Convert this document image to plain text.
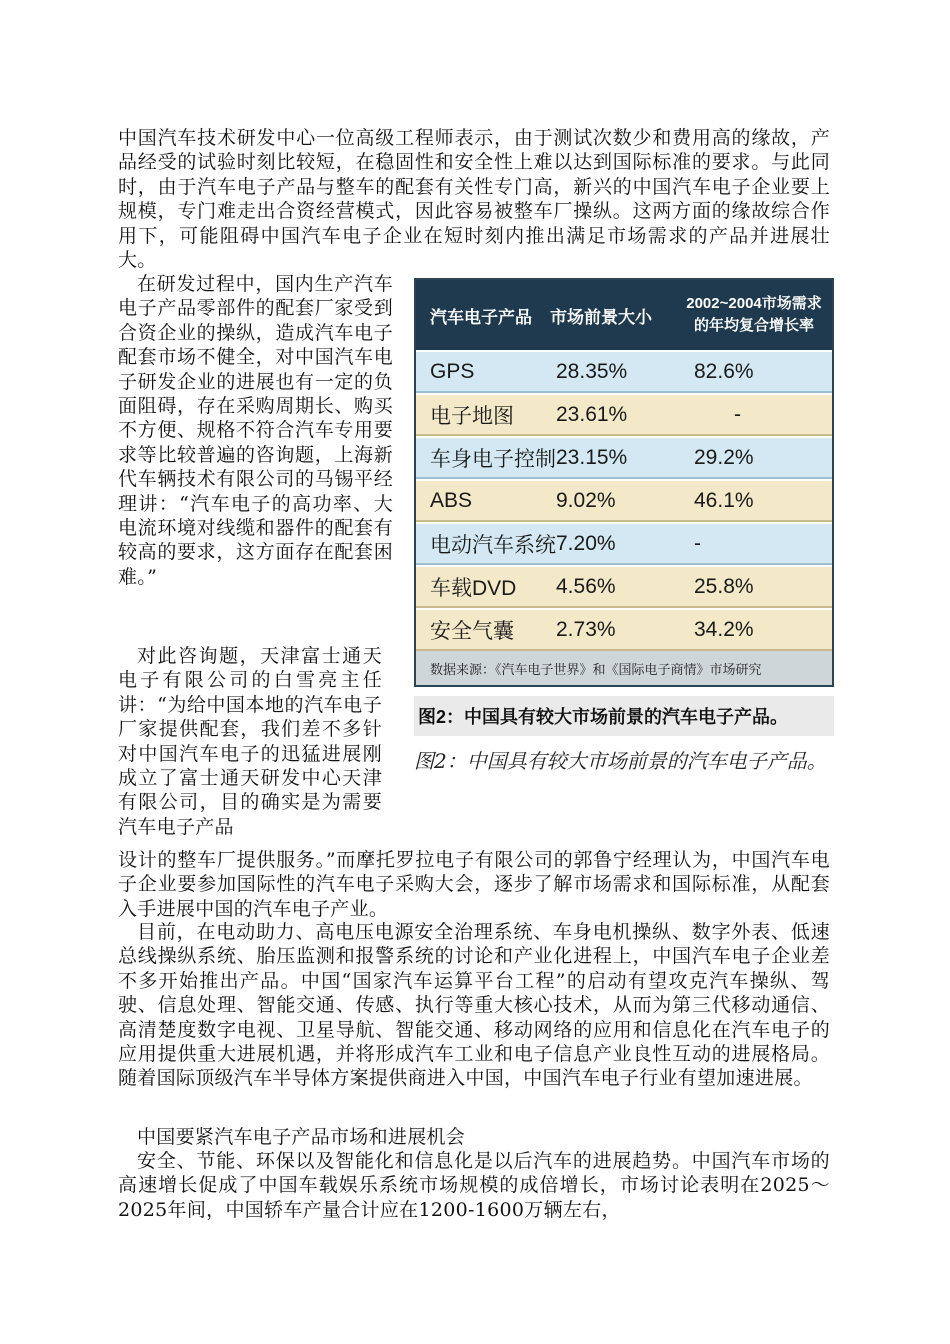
中国汽车技术研发中心一位高级工程师表示，由于测试次数少和费用高的缘故，产品经受的试验时刻比较短，在稳固性和安全性上难以达到国际标准的要求。与此同时，由于汽车电子产品与整车的配套有关性专门高，新兴的中国汽车电子企业要上规模，专门难走出合资经营模式，因此容易被整车厂操纵。这两方面的缘故综合作用下，可能阻碍中国汽车电子企业在短时刻内推出满足市场需求的产品并进展壮大。
在研发过程中，国内生产汽车电子产品零部件的配套厂家受到合资企业的操纵，造成汽车电子配套市场不健全，对中国汽车电子研发企业的进展也有一定的负面阻碍，存在采购周期长、购买不方便、规格不符合汽车专用要求等比较普遍的咨询题，上海新代车辆技术有限公司的马锡平经理讲：“汽车电子的高功率、大电流环境对线缆和器件的配套有较高的要求，这方面存在配套困难。”
汽车电子产品	市场前景大小
2002~2004市场需求
的年均复合增长率
GPS	28.35%	82.6%
电子地图	23.61%	-
车身电子控制 23.15%	29.2%
ABS	9.02%	46.1%
电动汽车系统 7.20%	-
车载DVD	4.56%	25.8%
安全气囊	2.73%	34.2%
数据来源：《汽车电子世界》和《国际电子商情》市场研究
图2：中国具有较大市场前景的汽车电子产品。
图2：中国具有较大市场前景的汽车电子产品。
对此咨询题，天津富士通天电子有限公司的白雪亮主任讲：“为给中国本地的汽车电子厂家提供配套，我们差不多针对中国汽车电子的迅猛进展刚成立了富士通天研发中心天津有限公司，目的确实是为需要汽车电子产品
设计的整车厂提供服务。”而摩托罗拉电子有限公司的郭鲁宁经理认为，中国汽车电子企业要参加国际性的汽车电子采购大会，逐步了解市场需求和国际标准，从配套入手进展中国的汽车电子产业。
目前，在电动助力、高电压电源安全治理系统、车身电机操纵、数字外表、低速总线操纵系统、胎压监测和报警系统的讨论和产业化进程上，中国汽车电子企业差不多开始推出产品。中国“国家汽车运算平台工程”的启动有望攻克汽车操纵、驾驶、信息处理、智能交通、传感、执行等重大核心技术，从而为第三代移动通信、高清楚度数字电视、卫星导航、智能交通、移动网络的应用和信息化在汽车电子的应用提供重大进展机遇，并将形成汽车工业和电子信息产业良性互动的进展格局。随着国际顶级汽车半导体方案提供商进入中国，中国汽车电子行业有望加速进展。
中国要紧汽车电子产品市场和进展机会
安全、节能、环保以及智能化和信息化是以后汽车的进展趋势。中国汽车市场的高速增长促成了中国车载娱乐系统市场规模的成倍增长，市场讨论表明在2025～2025年间，中国轿车产量合计应在1200-1600万辆左右，
